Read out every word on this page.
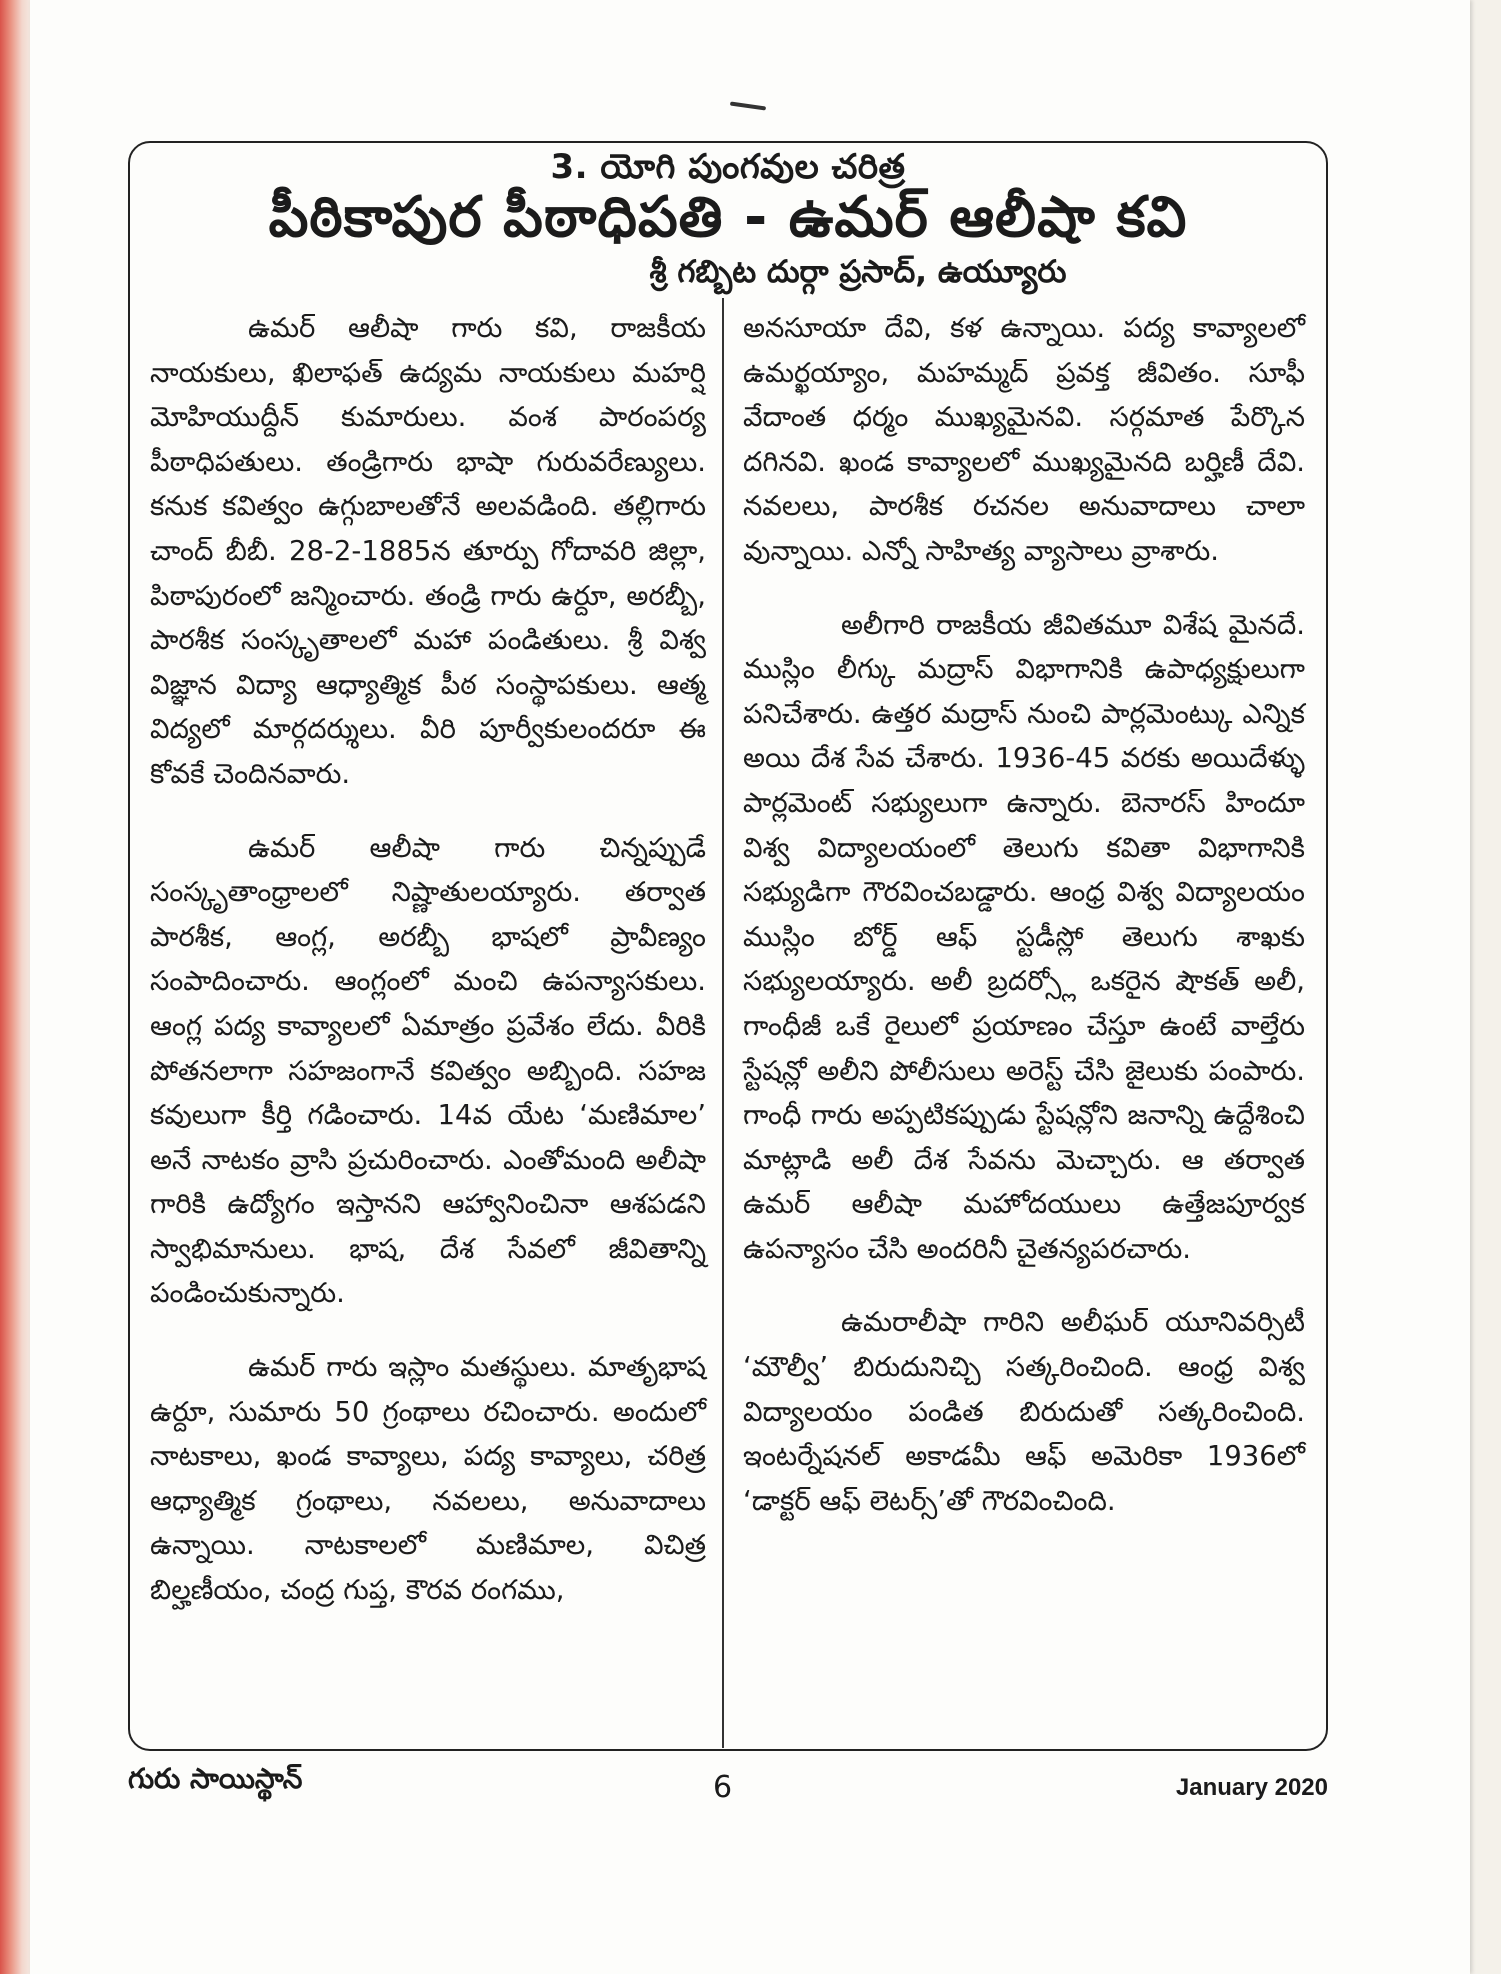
3. యోగి పుంగవుల చరిత్ర
పీఠికాపుర పీఠాధిపతి - ఉమర్ ఆలీషా కవి
శ్రీ గబ్బిట దుర్గా ప్రసాద్, ఉయ్యూరు

ఉమర్ ఆలీషా గారు కవి, రాజకీయ నాయకులు, ఖిలాఫత్ ఉద్యమ నాయకులు మహర్షి మోహియుద్దీన్ కుమారులు. వంశ పారంపర్య పీఠాధిపతులు. తండ్రిగారు భాషా గురువరేణ్యులు. కనుక కవిత్వం ఉగ్గుబాలతోనే అలవడింది. తల్లిగారు చాంద్ బీబీ. 28-2-1885న తూర్పు గోదావరి జిల్లా, పిఠాపురంలో జన్మించారు. తండ్రి గారు ఉర్దూ, అరబ్బీ, పారశీక సంస్కృతాలలో మహా పండితులు. శ్రీ విశ్వ విజ్ఞాన విద్యా ఆధ్యాత్మిక పీఠ సంస్థాపకులు. ఆత్మ విద్యలో మార్గదర్శులు. వీరి పూర్వీకులందరూ ఈ కోవకే చెందినవారు.

ఉమర్ ఆలీషా గారు చిన్నప్పుడే సంస్కృతాంధ్రాలలో నిష్ణాతులయ్యారు. తర్వాత పారశీక, ఆంగ్ల, అరబ్బీ భాషలో ప్రావీణ్యం సంపాదించారు. ఆంగ్లంలో మంచి ఉపన్యాసకులు. ఆంగ్ల పద్య కావ్యాలలో ఏమాత్రం ప్రవేశం లేదు. వీరికి పోతనలాగా సహజంగానే కవిత్వం అబ్బింది. సహజ కవులుగా కీర్తి గడించారు. 14వ యేట ‘మణిమాల’ అనే నాటకం వ్రాసి ప్రచురించారు. ఎంతోమంది అలీషా గారికి ఉద్యోగం ఇస్తానని ఆహ్వానించినా ఆశపడని స్వాభిమానులు. భాష, దేశ సేవలో జీవితాన్ని పండించుకున్నారు.

ఉమర్ గారు ఇస్లాం మతస్థులు. మాతృభాష ఉర్దూ, సుమారు 50 గ్రంథాలు రచించారు. అందులో నాటకాలు, ఖండ కావ్యాలు, పద్య కావ్యాలు, చరిత్ర ఆధ్యాత్మిక గ్రంథాలు, నవలలు, అనువాదాలు ఉన్నాయి. నాటకాలలో మణిమాల, విచిత్ర బిల్హణీయం, చంద్ర గుప్త, కౌరవ రంగము,

అనసూయా దేవి, కళ ఉన్నాయి. పద్య కావ్యాలలో ఉమర్ఖయ్యాం, మహమ్మద్ ప్రవక్త జీవితం. సూఫీ వేదాంత ధర్మం ముఖ్యమైనవి. సర్గమాత పేర్కొన దగినవి. ఖండ కావ్యాలలో ముఖ్యమైనది బర్హిణీ దేవి. నవలలు, పారశీక రచనల అనువాదాలు చాలా వున్నాయి. ఎన్నో సాహిత్య వ్యాసాలు వ్రాశారు.

అలీగారి రాజకీయ జీవితమూ విశేష మైనదే. ముస్లిం లీగ్కు మద్రాస్ విభాగానికి ఉపాధ్యక్షులుగా పనిచేశారు. ఉత్తర మద్రాస్ నుంచి పార్లమెంట్కు ఎన్నిక అయి దేశ సేవ చేశారు. 1936-45 వరకు అయిదేళ్ళు పార్లమెంట్ సభ్యులుగా ఉన్నారు. బెనారస్ హిందూ విశ్వ విద్యాలయంలో తెలుగు కవితా విభాగానికి సభ్యుడిగా గౌరవించబడ్డారు. ఆంధ్ర విశ్వ విద్యాలయం ముస్లిం బోర్డ్ ఆఫ్ స్టడీస్లో తెలుగు శాఖకు సభ్యులయ్యారు. అలీ బ్రదర్స్లో ఒకరైన షౌకత్ అలీ, గాంధీజీ ఒకే రైలులో ప్రయాణం చేస్తూ ఉంటే వాల్తేరు స్టేషన్లో అలీని పోలీసులు అరెస్ట్ చేసి జైలుకు పంపారు. గాంధీ గారు అప్పటికప్పుడు స్టేషన్లోని జనాన్ని ఉద్దేశించి మాట్లాడి అలీ దేశ సేవను మెచ్చారు. ఆ తర్వాత ఉమర్ ఆలీషా మహోదయులు ఉత్తేజపూర్వక ఉపన్యాసం చేసి అందరినీ చైతన్యపరచారు.

ఉమరాలీషా గారిని అలీఘర్ యూనివర్సిటీ ‘మౌల్వీ’ బిరుదునిచ్చి సత్కరించింది. ఆంధ్ర విశ్వ విద్యాలయం పండిత బిరుదుతో సత్కరించింది. ఇంటర్నేషనల్ అకాడమీ ఆఫ్ అమెరికా 1936లో ‘డాక్టర్ ఆఫ్ లెటర్స్’తో గౌరవించింది.

గురు సాయిస్థాన్	6	January 2020
